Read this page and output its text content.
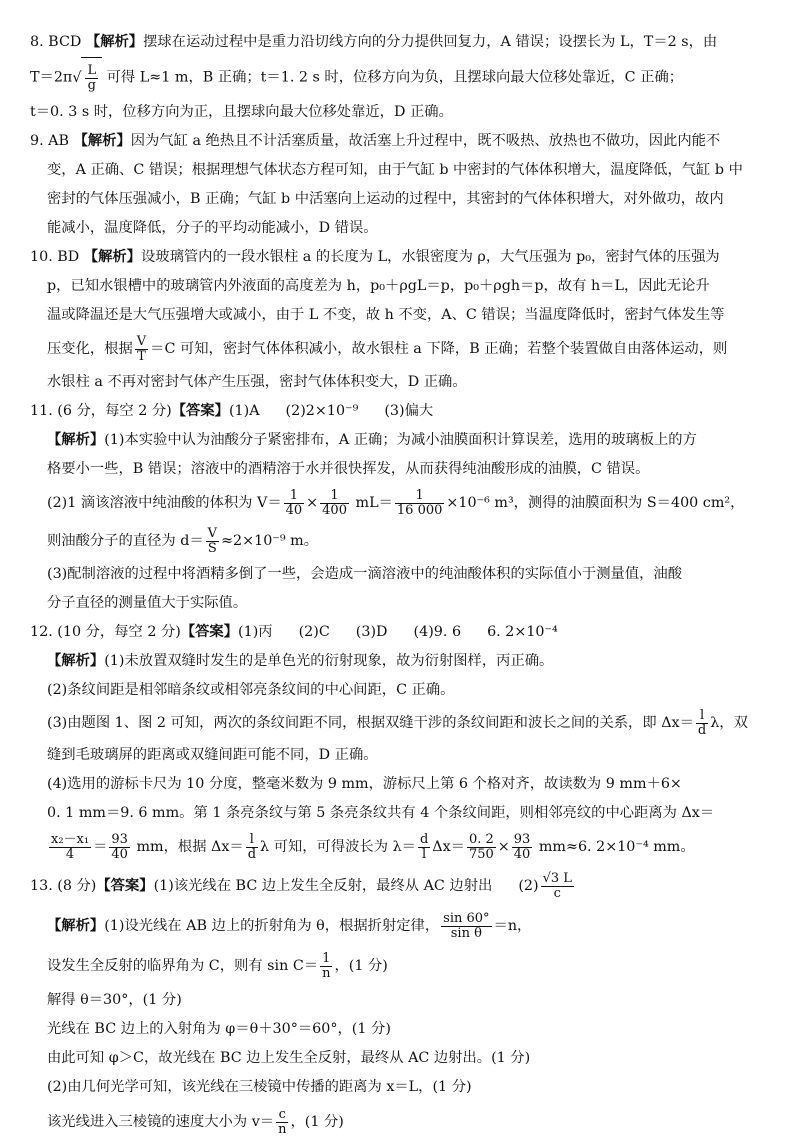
8. BCD 【解析】摆球在运动过程中是重力沿切线方向的分力提供回复力，A 错误；设摆长为 L，T＝2 s，由
$T=2\pi√ \frac{L}{g}$ 可得 L≈1 m，B 正确；t＝1. 2 s 时，位移方向为负，且摆球向最大位移处靠近，C 正确；
t＝0. 3 s 时，位移方向为正，且摆球向最大位移处靠近，D 正确。
9. AB 【解析】因为气缸 a 绝热且不计活塞质量，故活塞上升过程中，既不吸热、放热也不做功，因此内能不
变，A 正确、C 错误；根据理想气体状态方程可知，由于气缸 b 中密封的气体体积增大，温度降低，气缸 b 中
密封的气体压强减小，B 正确；气缸 b 中活塞向上运动的过程中，其密封的气体体积增大，对外做功，故内
能减小，温度降低，分子的平均动能减小，D 错误。
10. BD 【解析】设玻璃管内的一段水银柱 a 的长度为 L，水银密度为 ρ，大气压强为 p₀，密封气体的压强为
p，已知水银槽中的玻璃管内外液面的高度差为 h，p₀＋ρgL＝p，p₀＋ρgh＝p，故有 h＝L，因此无论升
温或降温还是大气压强增大或减小，由于 L 不变，故 h 不变，A、C 错误；当温度降低时，密封气体发生等
压变化，根据 $\frac{V}{T} =C$ 可知，密封气体体积减小，故水银柱 a 下降，B 正确；若整个装置做自由落体运动，则
水银柱 a 不再对密封气体产生压强，密封气体体积变大，D 正确。
11. (6 分，每空 2 分)【答案】(1)A (2)2×10⁻⁹ (3)偏大
【解析】(1)本实验中认为油酸分子紧密排布，A 正确；为减小油膜面积计算误差，选用的玻璃板上的方
格要小一些，B 错误；溶液中的酒精溶于水并很快挥发，从而获得纯油酸形成的油膜，C 错误。
(2)1 滴该溶液中纯油酸的体积为 $V= \frac{1}{40} \times \frac{1}{400} mL= \frac{1}{16 000} \times 10^{-6}$ m³，测得的油膜面积为 S＝400 cm²，
则油酸分子的直径为 $d= \frac{V}{S} \approx 2\times 10^{-9}$ m。
(3)配制溶液的过程中将酒精多倒了一些，会造成一滴溶液中的纯油酸体积的实际值小于测量值，油酸
分子直径的测量值大于实际值。
12. (10 分，每空 2 分)【答案】(1)丙 (2)C (3)D (4)9. 6 6. 2×10⁻⁴
【解析】(1)未放置双缝时发生的是单色光的衍射现象，故为衍射图样，丙正确。
(2)条纹间距是相邻暗条纹或相邻亮条纹间的中心间距，C 正确。
(3)由题图 1、图 2 可知，两次的条纹间距不同，根据双缝干涉的条纹间距和波长之间的关系，即 $\Delta x= \frac{l}{d}$ λ，双
缝到毛玻璃屏的距离或双缝间距可能不同，D 正确。
(4)选用的游标卡尺为 10 分度，整毫米数为 9 mm，游标尺上第 6 个格对齐，故读数为 9 mm＋6×
0. 1 mm＝9. 6 mm。第 1 条亮条纹与第 5 条亮条纹共有 4 个条纹间距，则相邻亮纹的中心距离为 Δx＝
$\frac{\text{x₂－x₁}}{4} = \frac{93}{40}$ mm，根据 $\Delta x= \frac{l}{d}$ λ 可知，可得波长为 $\lambda= \frac{d}{l} \Delta x= \frac{0. 2}{750} \times \frac{93}{40} mm\approx 6$. 2×10⁻⁴ mm。
13. (8 分)【答案】(1)该光线在 BC 边上发生全反射，最终从 AC 边射出 $(2) \frac{√3 L}{c}$
【解析】(1)设光线在 AB 边上的折射角为 θ，根据折射定律， $\frac{\sin 60^\circ}{\text{sin θ}} =n$，
设发生全反射的临界角为 C，则有 $\sin C= \frac{1}{n}$ ，(1 分)
解得 θ＝30°，(1 分)
光线在 BC 边上的入射角为 φ＝θ＋30°＝60°，(1 分)
由此可知 φ＞C，故光线在 BC 边上发生全反射，最终从 AC 边射出。(1 分)
(2)由几何光学可知，该光线在三棱镜中传播的距离为 x＝L，(1 分)
该光线进入三棱镜的速度大小为 $v= \frac{c}{n}$ ，(1 分)
